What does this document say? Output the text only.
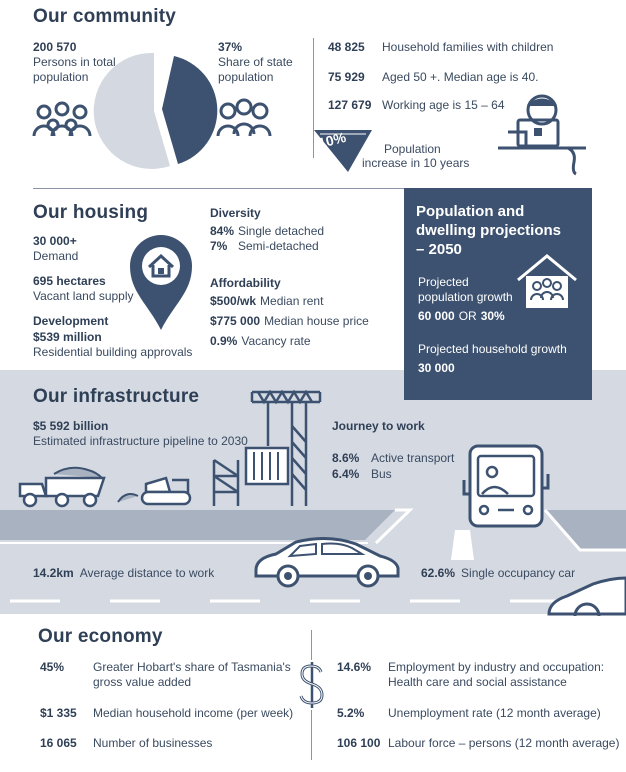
Our community
200 570
Persons in total
population
37%
Share of state
population
48 825	Household families with children
75 929	Aged 50 +. Median age is 40.
127 679 Working age is 15 – 64
10%	Population
increase in 10 years
Our housing
30 000+
Demand
695 hectares
Vacant land supply
Development
$539 million
Residential building approvals
Diversity
84% Single detached
7% Semi-detached
Affordability
$500/wk Median rent
$775 000 Median house price
0.9% Vacancy rate
Our infrastructure
$5 592 billion
Estimated infrastructure pipeline to 2030
Journey to work
8.6% Active transport
6.4% Bus
14.2km Average distance to work	62.6% Single occupancy car
Population and
dwelling projections
– 2050
Projected
population growth
60 000 OR 30%
Projected household growth
30 000
Our economy
45%	Greater Hobart's share of Tasmania's
gross value added
$1 335	Median household income (per week)
16 065	Number of businesses
14.6%	Employment by industry and occupation:
Health care and social assistance
5.2%	Unemployment rate (12 month average)
106 100 Labour force – persons (12 month average)
